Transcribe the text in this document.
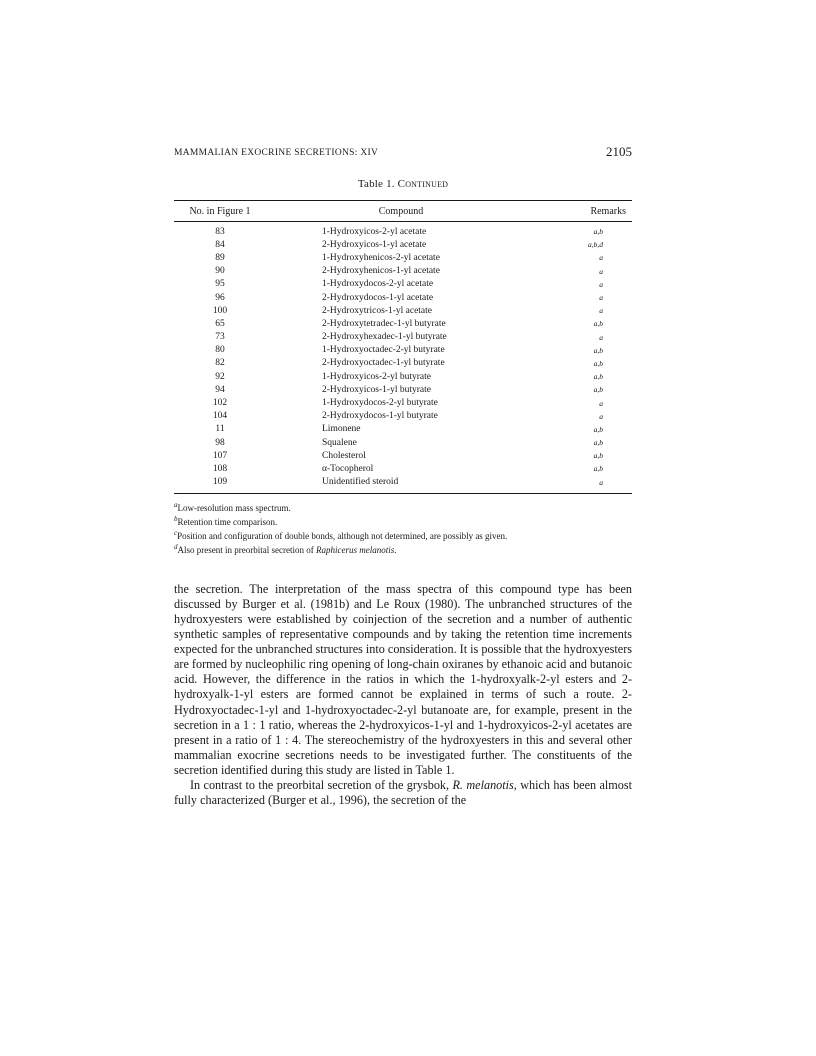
MAMMALIAN EXOCRINE SECRETIONS: XIV	2105
Table 1. Continued
No. in Figure 1	Compound	Remarks
83	1-Hydroxyicos-2-yl acetate	a,b
84	2-Hydroxyicos-1-yl acetate	a,b,d
89	1-Hydroxyhenicos-2-yl acetate	a
90	2-Hydroxyhenicos-1-yl acetate	a
95	1-Hydroxydocos-2-yl acetate	a
96	2-Hydroxydocos-1-yl acetate	a
100	2-Hydroxytricos-1-yl acetate	a
65	2-Hydroxytetradec-1-yl butyrate	a,b
73	2-Hydroxyhexadec-1-yl butyrate	a
80	1-Hydroxyoctadec-2-yl butyrate	a,b
82	2-Hydroxyoctadec-1-yl butyrate	a,b
92	1-Hydroxyicos-2-yl butyrate	a,b
94	2-Hydroxyicos-1-yl butyrate	a,b
102	1-Hydroxydocos-2-yl butyrate	a
104	2-Hydroxydocos-1-yl butyrate	a
11	Limonene	a,b
98	Squalene	a,b
107	Cholesterol	a,b
108	α-Tocopherol	a,b
109	Unidentified steroid	a
$^a$Low-resolution mass spectrum.
$^b$Retention time comparison.
$^c$Position and configuration of double bonds, although not determined, are possibly as given.
$^d$Also present in preorbital secretion of Raphicerus melanotis.

the secretion. The interpretation of the mass spectra of this compound type has been discussed by Burger et al. (1981b) and Le Roux (1980). The unbranched structures of the hydroxyesters were established by coinjection of the secretion and a number of authentic synthetic samples of representative compounds and by taking the retention time increments expected for the unbranched structures into consideration. It is possible that the hydroxyesters are formed by nucleophilic ring opening of long-chain oxiranes by ethanoic acid and butanoic acid. However, the difference in the ratios in which the 1-hydroxyalk-2-yl esters and 2-hydroxyalk-1-yl esters are formed cannot be explained in terms of such a route. 2-Hydroxyoctadec-1-yl and 1-hydroxyoctadec-2-yl butanoate are, for example, present in the secretion in a 1 : 1 ratio, whereas the 2-hydroxyicos-1-yl and 1-hydroxyicos-2-yl acetates are present in a ratio of 1 : 4. The stereochemistry of the hydroxyesters in this and several other mammalian exocrine secretions needs to be investigated further. The constituents of the secretion identified during this study are listed in Table 1.

In contrast to the preorbital secretion of the grysbok, R. melanotis, which has been almost fully characterized (Burger et al., 1996), the secretion of the
